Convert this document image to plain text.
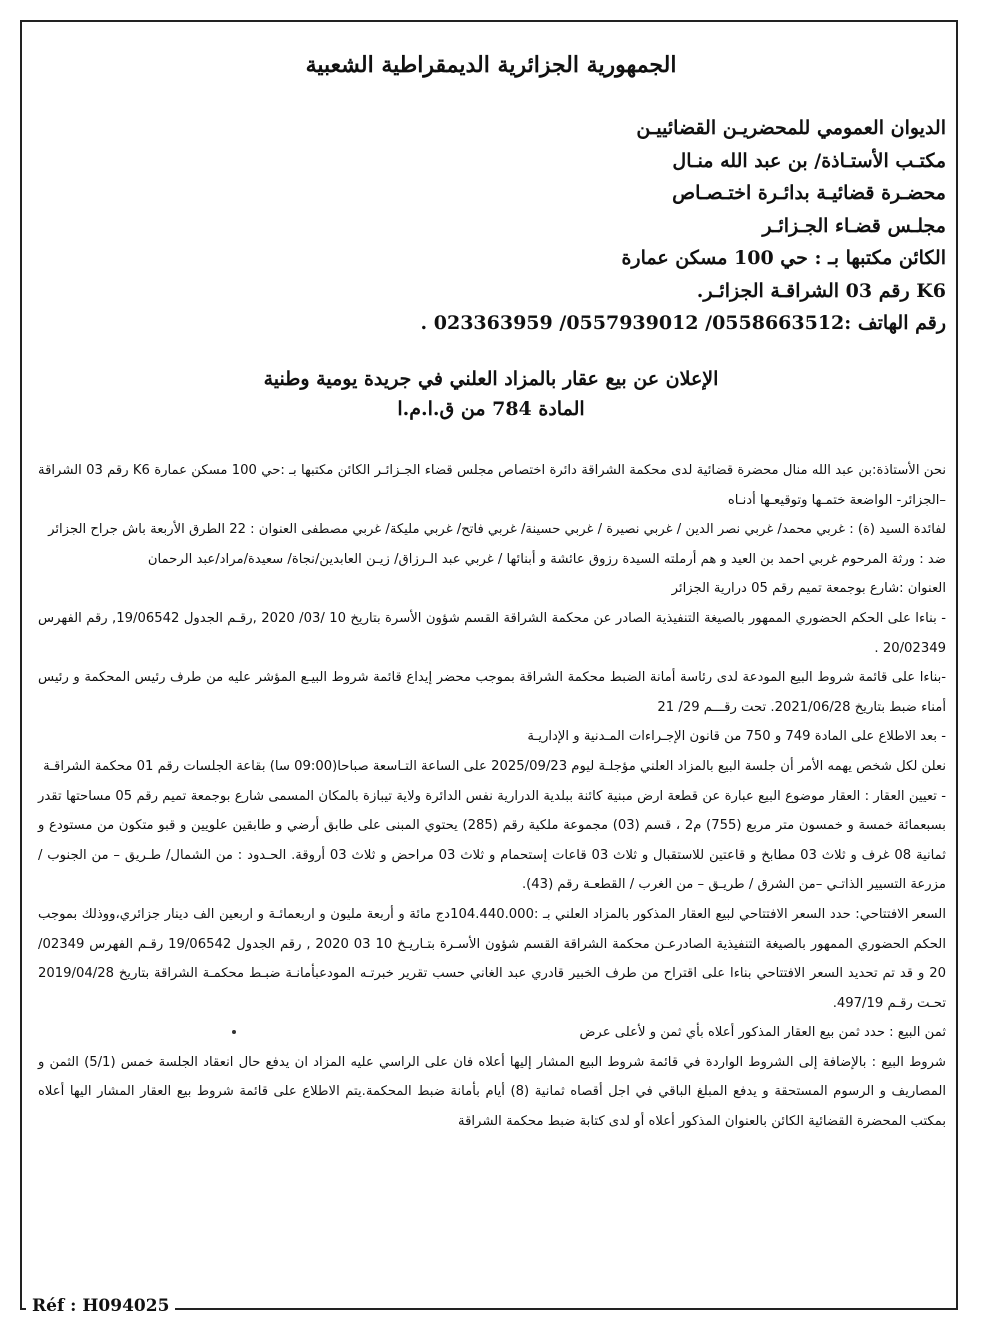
الجمهورية الجزائرية الديمقراطية الشعبية
الديوان العمومي للمحضريـن القضائييـن
مكتـب الأستـاذة/ بن عبد الله منـال
محضـرة قضائيـة بدائـرة اختـصـاص
مجلـس قضـاء الجـزائـر
الكائن مكتبها بـ : حي 100 مسكن عمارة
K6 رقم 03 الشراقـة الجزائـر.
رقم الهاتف :0558663512/ 0557939012/ 023363959 .
الإعلان عن بيع عقار بالمزاد العلني في جريدة يومية وطنية
المادة 784 من ق.ا.م.ا

نحن الأستاذة:بن عبد الله منال محضرة قضائية لدى محكمة الشراقة دائرة اختصاص مجلس قضاء الجـزائـر الكائن مكتبها بـ :حي 100 مسكن عمارة K6 رقم 03 الشراقة –الجزائر- الواضعة ختمـها وتوقيعـها أدنـاه

لفائدة السيد (ة) : غربي محمد/ غربي نصر الدين / غربي نصيرة / غربي حسينة/ غربي فاتح/ غربي مليكة/ غربي مصطفى العنوان : 22 الطرق الأربعة باش جراح الجزائر

ضد : ورثة المرحوم غربي احمد بن العيد و هم أرملته السيدة رزوق عائشة و أبنائها / غربي عبد الـرزاق/ زيـن العابدين/نجاة/ سعيدة/مراد/عبد الرحمان

العنوان :شارع بوجمعة تميم رقم 05 درارية الجزائر

- بناءا على الحكم الحضوري الممهور بالصيغة التنفيذية الصادر عن محكمة الشراقة القسم شؤون الأسرة بتاريخ 10 /03/ 2020 ,رقـم الجدول 19/06542, رقم الفهرس 20/02349 .

-بناءا على قائمة شروط البيع المودعة لدى رئاسة أمانة الضبط محكمة الشراقة بموجب محضر إيداع قائمة شروط البيـع المؤشر عليه من طرف رئيس المحكمة و رئيس أمناء ضبط بتاريخ 2021/06/28. تحت رقـــم 29/ 21

- بعد الاطلاع على المادة 749 و 750 من قانون الإجـراءات المـدنية و الإداريـة

نعلن لكل شخص يهمه الأمر أن جلسة البيع بالمزاد العلني مؤجلـة ليوم 2025/09/23 على الساعة التـاسعة صباحا(09:00 سا) بقاعة الجلسات رقم 01 محكمة الشراقـة

- تعيين العقار : العقار موضوع البيع عبارة عن قطعة ارض مبنية كائنة ببلدية الدرارية نفس الدائرة ولاية تيبازة بالمكان المسمى شارع بوجمعة تميم رقم 05 مساحتها تقدر بسبعمائة خمسة و خمسون متر مربع (755) م2 ، قسم (03) مجموعة ملكية رقم (285) يحتوي المبنى على طابق أرضي و طابقين علويين و قبو متكون من مستودع و ثمانية 08 غرف و ثلاث 03 مطابخ و قاعتين للاستقبال و ثلاث 03 قاعات إستحمام و ثلاث 03 مراحض و ثلاث 03 أروقة. الحـدود : من الشمال/ طـريق – من الجنوب / مزرعة التسيير الذاتـي –من الشرق / طريـق – من الغرب / القطعـة رقم (43).

السعر الافتتاحي: حدد السعر الافتتاحي لبيع العقار المذكور بالمزاد العلني بـ :104.440.000دج مائة و أربعة مليون و اربعمائـة و اربعين الف دينار جزائري،ووذلك بموجب الحكم الحضوري الممهور بالصيغة التنفيذية الصادرعـن محكمة الشراقة القسم شؤون الأسـرة بتـاريـخ 10 03 2020 , رقم الجدول 19/06542 رقـم الفهرس 02349/ 20 و قد تم تحديد السعر الافتتاحي بناءا على اقتراح من طرف الخبير قادري عبد الغاني حسب تقرير خبرتـه المودعبأمانـة ضبـط محكمـة الشراقة بتاريخ 2019/04/28 تحـت رقـم 497/19.

ثمن البيع : حدد ثمن بيع العقار المذكور أعلاه بأي ثمن و لأعلى عرض

شروط البيع : بالإضافة إلى الشروط الواردة في قائمة شروط البيع المشار إليها أعلاه فان على الراسي عليه المزاد ان يدفع حال انعقاد الجلسة خمس (5/1) الثمن و المصاريف و الرسوم المستحقة و يدفع المبلغ الباقي في اجل أقصاه ثمانية (8) أيام بأمانة ضبط المحكمة.يتم الاطلاع على قائمة شروط بيع العقار المشار اليها أعلاه بمكتب المحضرة القضائية الكائن بالعنوان المذكور أعلاه أو لدى كتابة ضبط محكمة الشراقة

Réf : H094025
